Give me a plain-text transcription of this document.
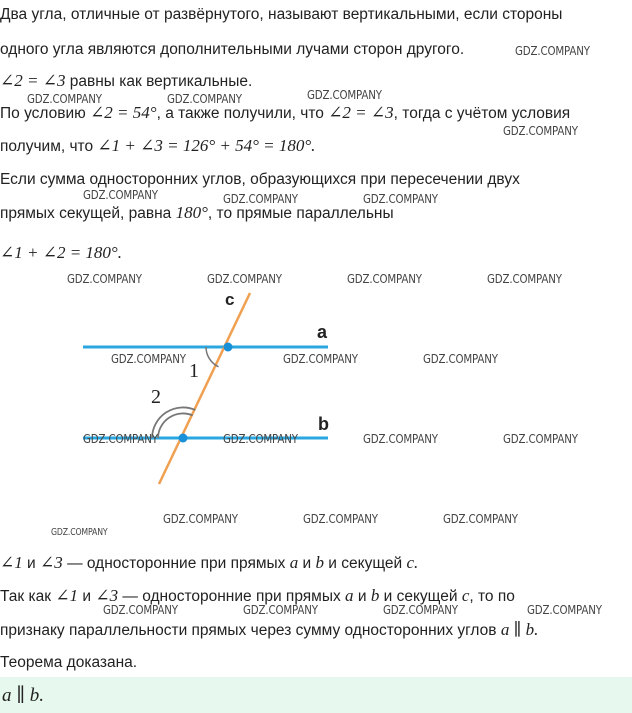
Два угла, отличные от развёрнутого, называют вертикальными, если стороны
одного угла являются дополнительными лучами сторон другого.
∠2 = ∠3 равны как вертикальные.
По условию ∠2 = 54°, а также получили, что ∠2 = ∠3, тогда с учётом условия
получим, что ∠1 + ∠3 = 126° + 54° = 180°.
Если сумма односторонних углов, образующихся при пересечении двух
прямых секущей, равна 180°, то прямые параллельны
∠1 + ∠2 = 180°.
c
a
b
1
2
∠1 и ∠3 — односторонние при прямых a и b и секущей c.
Так как ∠1 и ∠3 — односторонние при прямых a и b и секущей c, то по
признаку параллельности прямых через сумму односторонних углов a ∥ b.
Теорема доказана.
a ∥ b.
GDZ.COMPANY
GDZ.COMPANY	GDZ.COMPANY	GDZ.COMPANY
GDZ.COMPANY
GDZ.COMPANY	GDZ.COMPANY	GDZ.COMPANY
GDZ.COMPANY	GDZ.COMPANY	GDZ.COMPANY	GDZ.COMPANY
GDZ.COMPANY	GDZ.COMPANY	GDZ.COMPANY
GDZ.COMPANY	GDZ.COMPANY	GDZ.COMPANY	GDZ.COMPANY
GDZ.COMPANY	GDZ.COMPANY	GDZ.COMPANY
GDZ.COMPANY
GDZ.COMPANY	GDZ.COMPANY	GDZ.COMPANY	GDZ.COMPANY
